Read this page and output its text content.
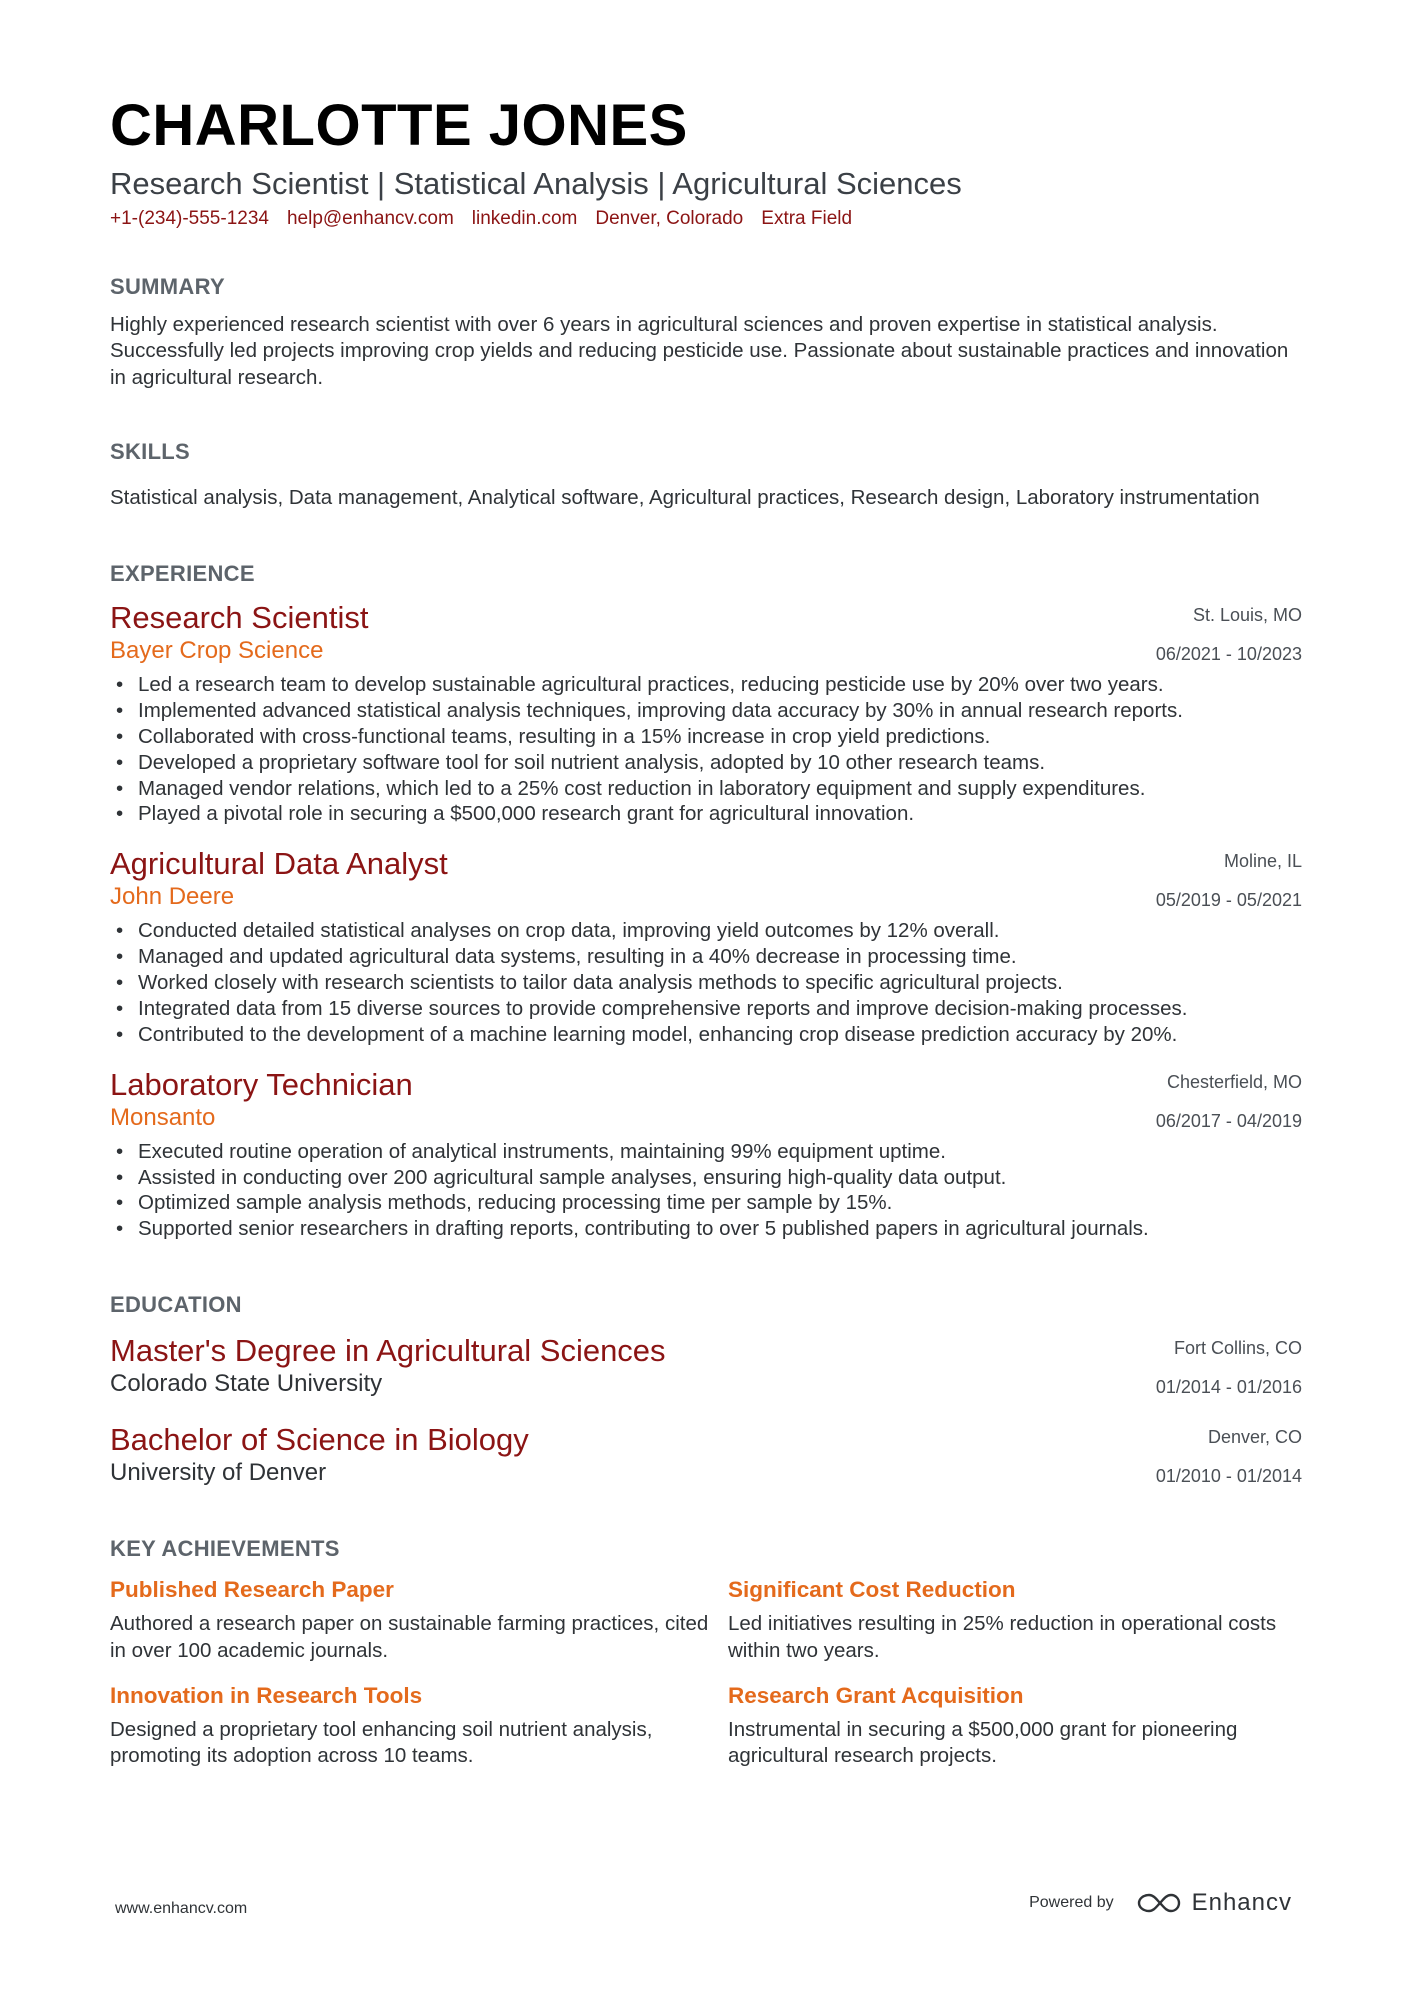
CHARLOTTE JONES
Research Scientist | Statistical Analysis | Agricultural Sciences
+1-(234)-555-1234 help@enhancv.com linkedin.com Denver, Colorado Extra Field
SUMMARY
Highly experienced research scientist with over 6 years in agricultural sciences and proven expertise in statistical analysis. Successfully led projects improving crop yields and reducing pesticide use. Passionate about sustainable practices and innovation in agricultural research.
SKILLS
Statistical analysis, Data management, Analytical software, Agricultural practices, Research design, Laboratory instrumentation
EXPERIENCE
Research Scientist	St. Louis, MO
Bayer Crop Science	06/2021 - 10/2023
• Led a research team to develop sustainable agricultural practices, reducing pesticide use by 20% over two years.
• Implemented advanced statistical analysis techniques, improving data accuracy by 30% in annual research reports.
• Collaborated with cross-functional teams, resulting in a 15% increase in crop yield predictions.
• Developed a proprietary software tool for soil nutrient analysis, adopted by 10 other research teams.
• Managed vendor relations, which led to a 25% cost reduction in laboratory equipment and supply expenditures.
• Played a pivotal role in securing a $500,000 research grant for agricultural innovation.
Agricultural Data Analyst	Moline, IL
John Deere	05/2019 - 05/2021
• Conducted detailed statistical analyses on crop data, improving yield outcomes by 12% overall.
• Managed and updated agricultural data systems, resulting in a 40% decrease in processing time.
• Worked closely with research scientists to tailor data analysis methods to specific agricultural projects.
• Integrated data from 15 diverse sources to provide comprehensive reports and improve decision-making processes.
• Contributed to the development of a machine learning model, enhancing crop disease prediction accuracy by 20%.
Laboratory Technician	Chesterfield, MO
Monsanto	06/2017 - 04/2019
• Executed routine operation of analytical instruments, maintaining 99% equipment uptime.
• Assisted in conducting over 200 agricultural sample analyses, ensuring high-quality data output.
• Optimized sample analysis methods, reducing processing time per sample by 15%.
• Supported senior researchers in drafting reports, contributing to over 5 published papers in agricultural journals.
EDUCATION
Master's Degree in Agricultural Sciences	Fort Collins, CO
Colorado State University	01/2014 - 01/2016
Bachelor of Science in Biology	Denver, CO
University of Denver	01/2010 - 01/2014
KEY ACHIEVEMENTS
Published Research Paper
Authored a research paper on sustainable farming practices, cited in over 100 academic journals.
Significant Cost Reduction
Led initiatives resulting in 25% reduction in operational costs within two years.
Innovation in Research Tools
Designed a proprietary tool enhancing soil nutrient analysis, promoting its adoption across 10 teams.
Research Grant Acquisition
Instrumental in securing a $500,000 grant for pioneering agricultural research projects.
www.enhancv.com	Powered by	Enhancv
